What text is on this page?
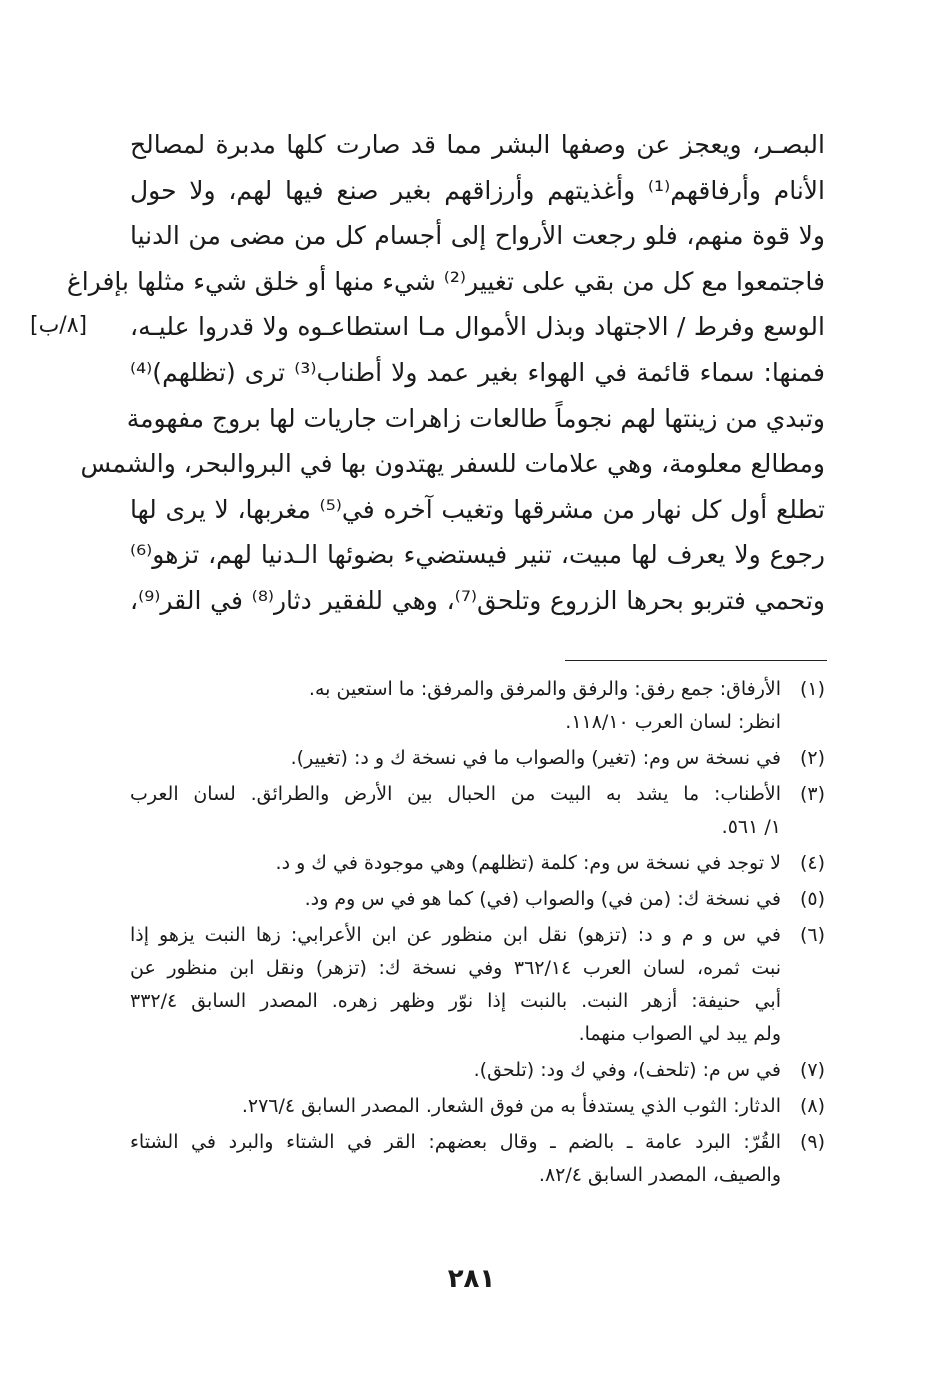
البصـر، ويعجز عن وصفها البشر مما قد صارت كلها مدبرة لمصالح
الأنام وأرفاقهم⁽¹⁾ وأغذيتهم وأرزاقهم بغير صنع فيها لهم، ولا حول
ولا قوة منهم، فلو رجعت الأرواح إلى أجسام كل من مضى من الدنيا
فاجتمعوا مع كل من بقي على تغيير⁽²⁾ شيء منها أو خلق شيء مثلها بإفراغ
الوسع وفرط / الاجتهاد وبذل الأموال مـا استطاعـوه ولا قدروا عليـه،
فمنها: سماء قائمة في الهواء بغير عمد ولا أطناب⁽³⁾ ترى (تظلهم)⁽⁴⁾
وتبدي من زينتها لهم نجوماً طالعات زاهرات جاريات لها بروج مفهومة
ومطالع معلومة، وهي علامات للسفر يهتدون بها في البروالبحر، والشمس
تطلع أول كل نهار من مشرقها وتغيب آخره في⁽⁵⁾ مغربها، لا يرى لها
رجوع ولا يعرف لها مبيت، تنير فيستضيء بضوئها الـدنيا لهم، تزهو⁽⁶⁾
وتحمي فتربو بحرها الزروع وتلحق⁽⁷⁾، وهي للفقير دثار⁽⁸⁾ في القر⁽⁹⁾،
[٨/ب]
(١)
الأرفاق: جمع رفق: والرفق والمرفق والمرفق: ما استعين به.
انظر: لسان العرب ١١٨/١٠.
(٢)
في نسخة س وم: (تغير) والصواب ما في نسخة ك و د: (تغيير).
(٣)
الأطناب: ما يشد به البيت من الحبال بين الأرض والطرائق. لسان العرب
١/ ٥٦١.
(٤)
لا توجد في نسخة س وم: كلمة (تظلهم) وهي موجودة في ك و د.
(٥)
في نسخة ك: (من في) والصواب (في) كما هو في س وم ود.
(٦)
في س و م و د: (تزهو) نقل ابن منظور عن ابن الأعرابي: زها النبت يزهو إذا
نبت ثمره، لسان العرب ٣٦٢/١٤ وفي نسخة ك: (تزهر) ونقل ابن منظور عن
أبي حنيفة: أزهر النبت. بالنبت إذا نوّر وظهر زهره. المصدر السابق ٣٣٢/٤
ولم يبد لي الصواب منهما.
(٧)
في س م: (تلحف)، وفي ك ود: (تلحق).
(٨)
الدثار: الثوب الذي يستدفأ به من فوق الشعار. المصدر السابق ٢٧٦/٤.
(٩)
القُرّ: البرد عامة ـ بالضم ـ وقال بعضهم: القر في الشتاء والبرد في الشتاء
والصيف، المصدر السابق ٨٢/٤.
٢٨١
